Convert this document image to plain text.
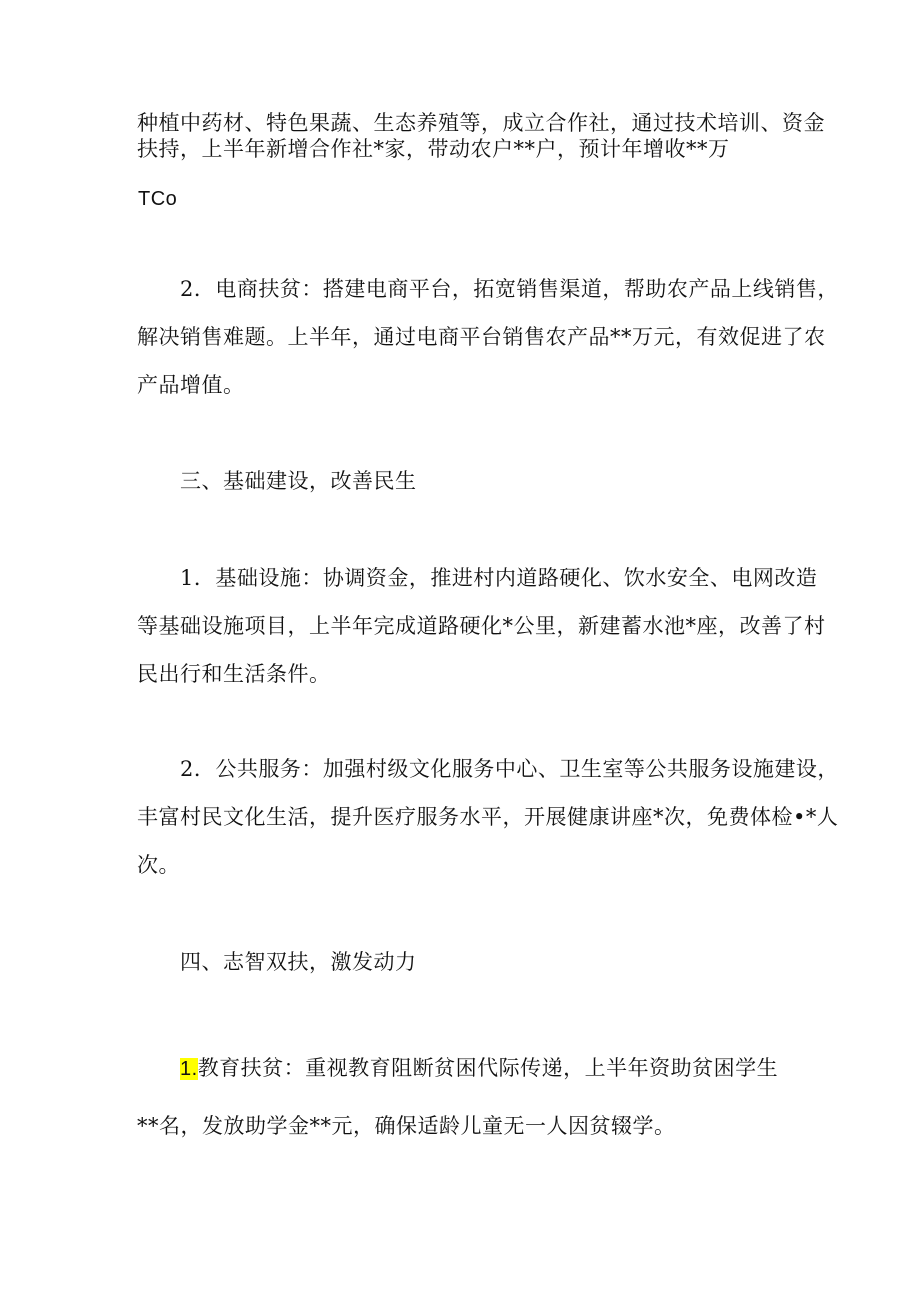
种植中药材、特色果蔬、生态养殖等，成立合作社，通过技术培训、资金
扶持，上半年新增合作社*家，带动农户**户，预计年增收**万
TCo
2．电商扶贫：搭建电商平台，拓宽销售渠道，帮助农产品上线销售，
解决销售难题。上半年，通过电商平台销售农产品**万元，有效促进了农
产品增值。
三、基础建设，改善民生
1．基础设施：协调资金，推进村内道路硬化、饮水安全、电网改造
等基础设施项目，上半年完成道路硬化*公里，新建蓄水池*座，改善了村
民出行和生活条件。
2．公共服务：加强村级文化服务中心、卫生室等公共服务设施建设，
丰富村民文化生活，提升医疗服务水平，开展健康讲座*次，免费体检•*人
次。
四、志智双扶，激发动力
1.教育扶贫：重视教育阻断贫困代际传递，上半年资助贫困学生
**名，发放助学金**元，确保适龄儿童无一人因贫辍学。
